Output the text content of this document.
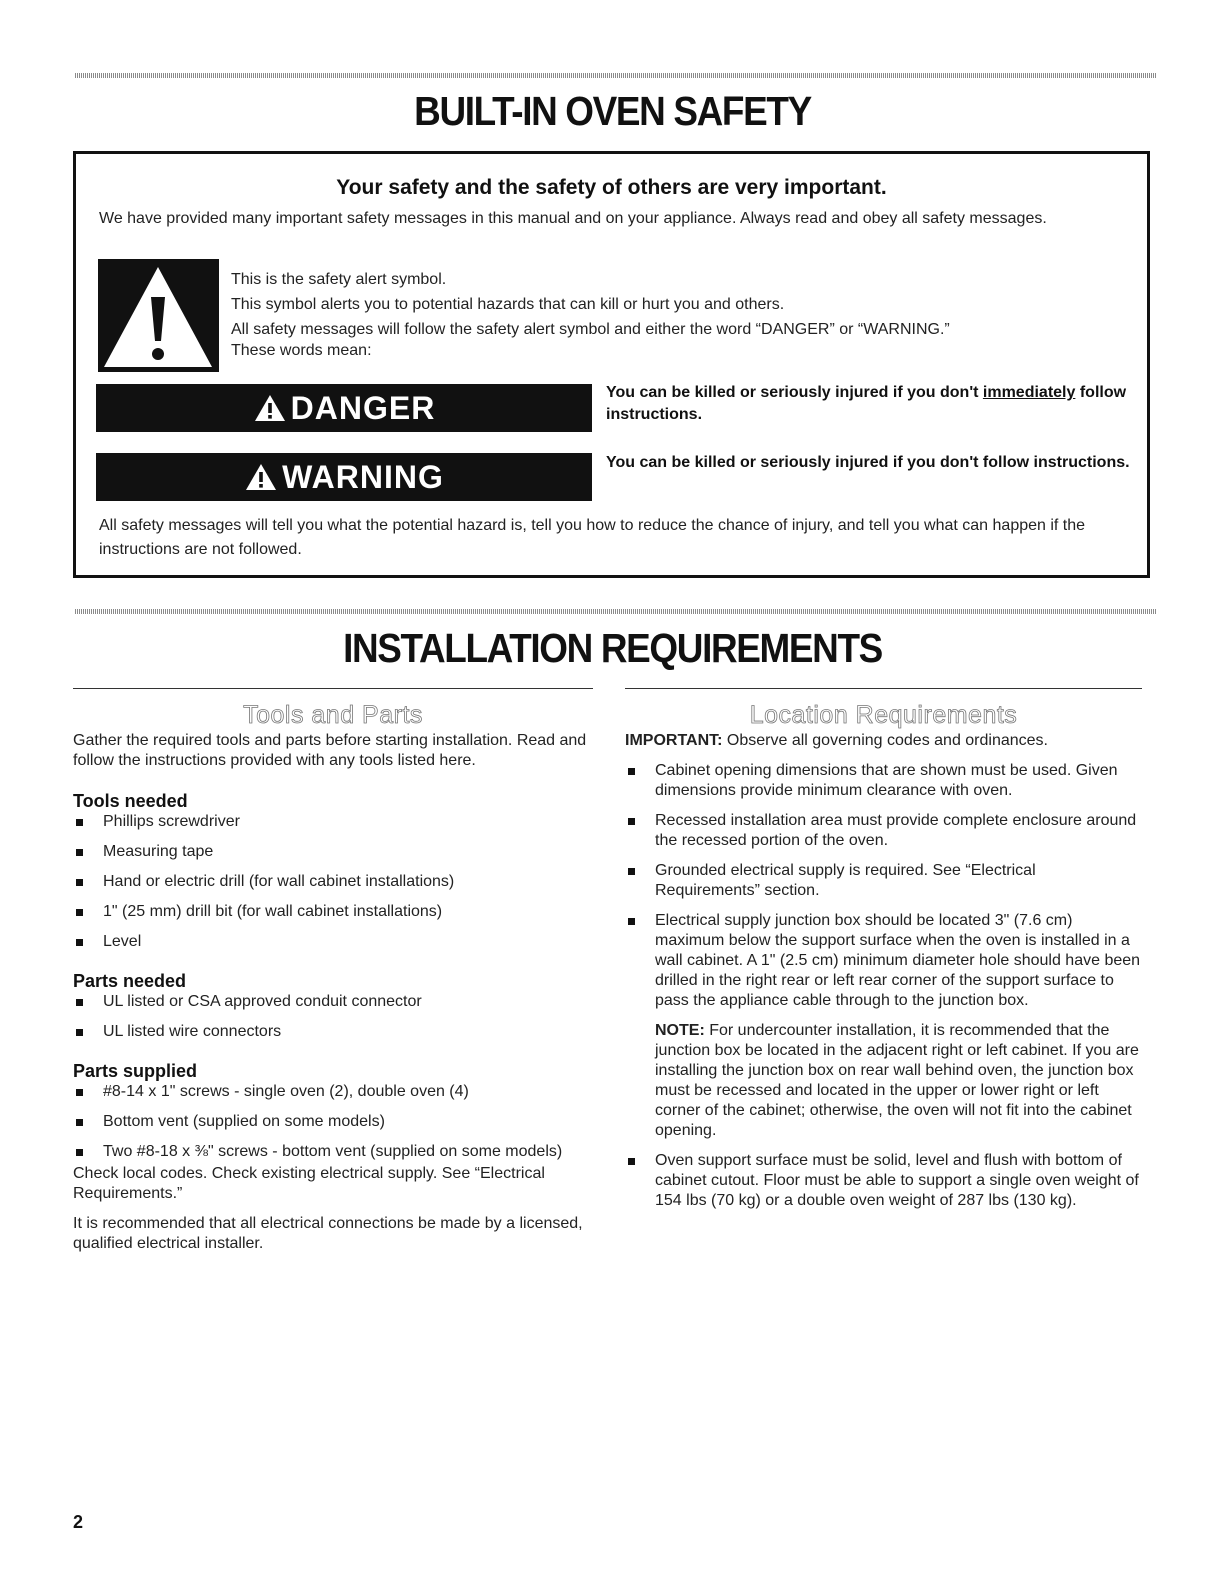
BUILT-IN OVEN SAFETY
Your safety and the safety of others are very important.
We have provided many important safety messages in this manual and on your appliance. Always read and obey all safety messages.
This is the safety alert symbol.
This symbol alerts you to potential hazards that can kill or hurt you and others.
All safety messages will follow the safety alert symbol and either the word “DANGER” or “WARNING.”
These words mean:
DANGER	You can be killed or seriously injured if you don't immediately follow instructions.
WARNING	You can be killed or seriously injured if you don't follow instructions.
All safety messages will tell you what the potential hazard is, tell you how to reduce the chance of injury, and tell you what can happen if the instructions are not followed.
INSTALLATION REQUIREMENTS
Tools and Parts

Gather the required tools and parts before starting installation. Read and follow the instructions provided with any tools listed here.

Tools needed
Phillips screwdriver
Measuring tape
Hand or electric drill (for wall cabinet installations)
1" (25 mm) drill bit (for wall cabinet installations)
Level
Parts needed
UL listed or CSA approved conduit connector
UL listed wire connectors
Parts supplied
#8-14 x 1" screws - single oven (2), double oven (4)
Bottom vent (supplied on some models)
Two #8-18 x ⅜" screws - bottom vent (supplied on some models)

Check local codes. Check existing electrical supply. See “Electrical Requirements.”

It is recommended that all electrical connections be made by a licensed, qualified electrical installer.

Location Requirements

IMPORTANT: Observe all governing codes and ordinances.

Cabinet opening dimensions that are shown must be used. Given dimensions provide minimum clearance with oven.
Recessed installation area must provide complete enclosure around the recessed portion of the oven.
Grounded electrical supply is required. See “Electrical Requirements” section.
Electrical supply junction box should be located 3" (7.6 cm) maximum below the support surface when the oven is installed in a wall cabinet. A 1" (2.5 cm) minimum diameter hole should have been drilled in the right rear or left rear corner of the support surface to pass the appliance cable through to the junction box.

NOTE: For undercounter installation, it is recommended that the junction box be located in the adjacent right or left cabinet. If you are installing the junction box on rear wall behind oven, the junction box must be recessed and located in the upper or lower right or left corner of the cabinet; otherwise, the oven will not fit into the cabinet opening.

Oven support surface must be solid, level and flush with bottom of cabinet cutout. Floor must be able to support a single oven weight of 154 lbs (70 kg) or a double oven weight of 287 lbs (130 kg).
2
